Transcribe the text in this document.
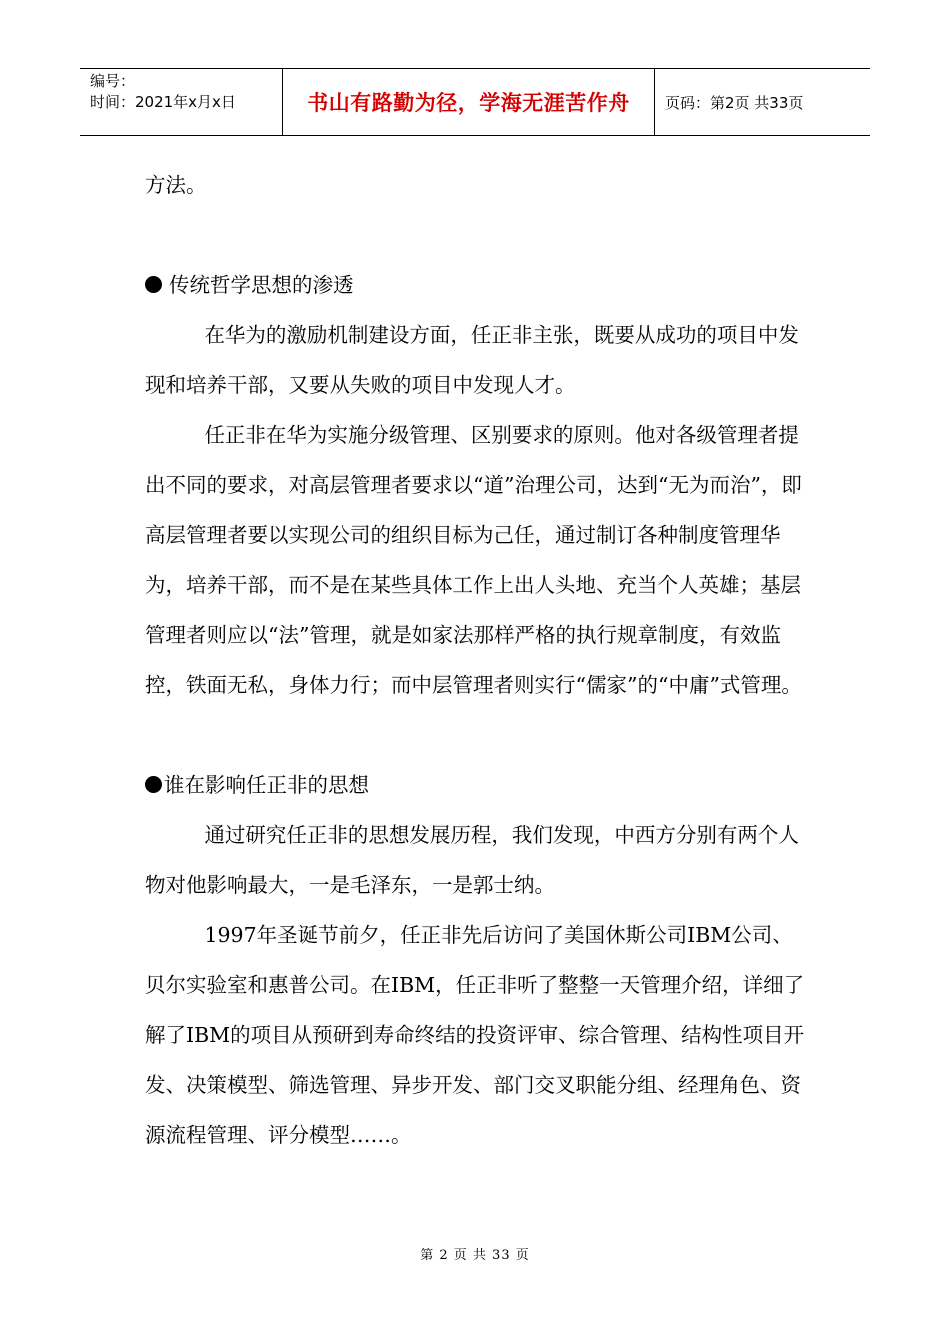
编号：
时间：2021年x月x日	书山有路勤为径，学海无涯苦作舟	页码：第2页 共33页

方法。

传统哲学思想的渗透

在华为的激励机制建设方面，任正非主张，既要从成功的项目中发现和培养干部，又要从失败的项目中发现人才。

任正非在华为实施分级管理、区别要求的原则。他对各级管理者提出不同的要求，对高层管理者要求以“道”治理公司，达到“无为而治”，即高层管理者要以实现公司的组织目标为己任，通过制订各种制度管理华为，培养干部，而不是在某些具体工作上出人头地、充当个人英雄；基层管理者则应以“法”管理，就是如家法那样严格的执行规章制度，有效监控，铁面无私，身体力行；而中层管理者则实行“儒家”的“中庸”式管理。

谁在影响任正非的思想

通过研究任正非的思想发展历程，我们发现，中西方分别有两个人物对他影响最大，一是毛泽东，一是郭士纳。

1997年圣诞节前夕，任正非先后访问了美国休斯公司IBM公司、贝尔实验室和惠普公司。在IBM，任正非听了整整一天管理介绍，详细了解了IBM的项目从预研到寿命终结的投资评审、综合管理、结构性项目开发、决策模型、筛选管理、异步开发、部门交叉职能分组、经理角色、资源流程管理、评分模型……。

第 2 页 共 33 页
